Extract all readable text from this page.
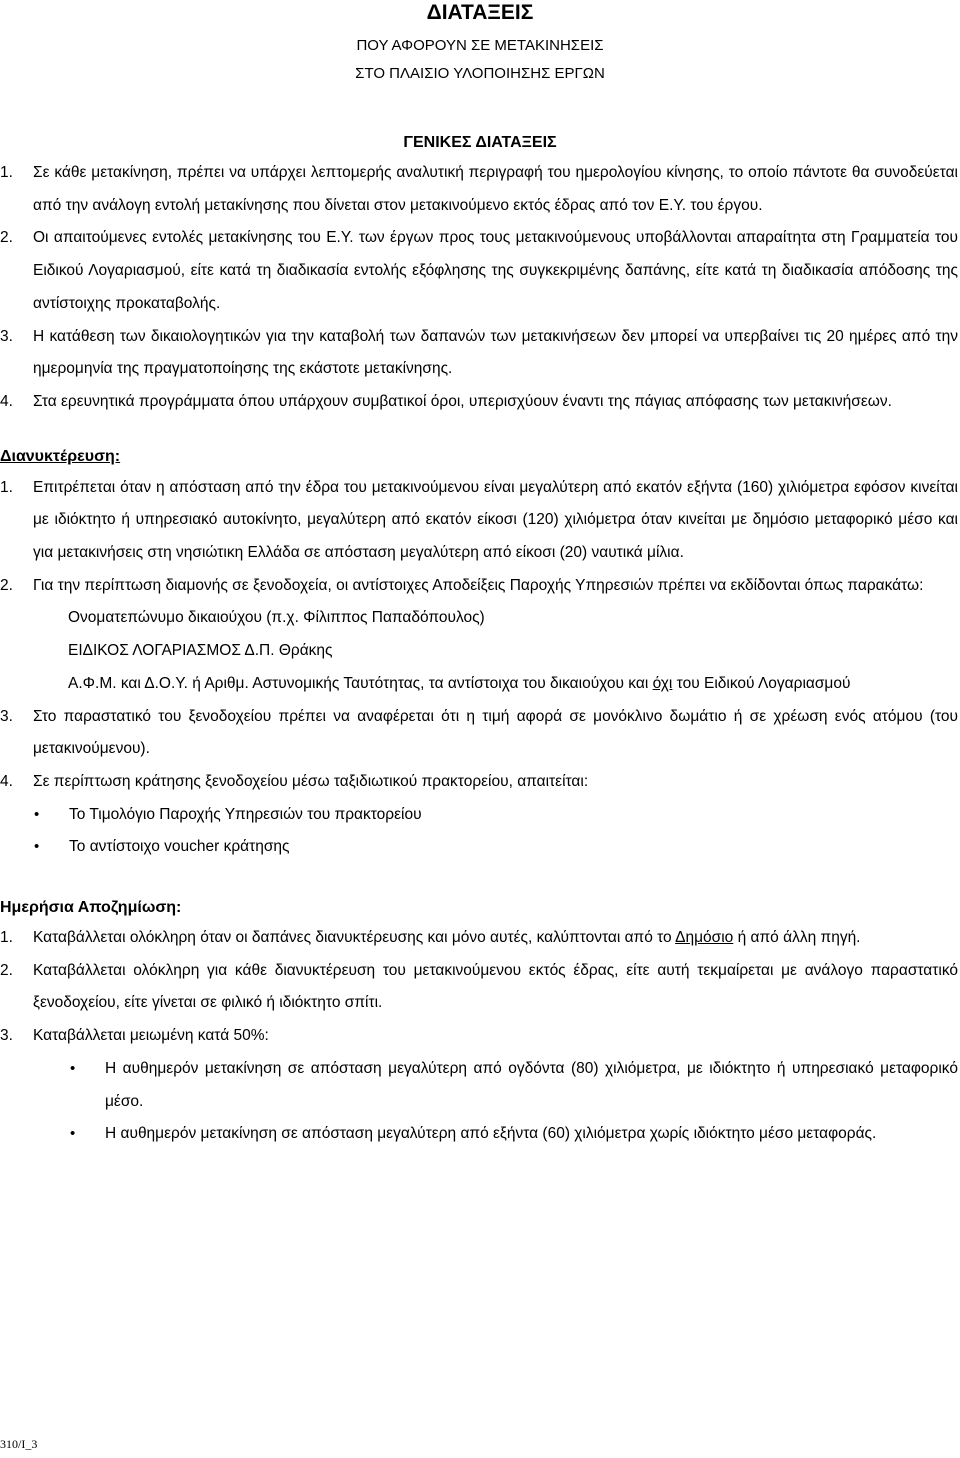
ΔΙΑΤΑΞΕΙΣ

ΠΟΥ ΑΦΟΡΟΥΝ ΣΕ ΜΕΤΑΚΙΝΗΣΕΙΣ

ΣΤΟ ΠΛΑΙΣΙΟ ΥΛΟΠΟΙΗΣΗΣ ΕΡΓΩΝ

ΓΕΝΙΚΕΣ ΔΙΑΤΑΞΕΙΣ

1. Σε κάθε μετακίνηση, πρέπει να υπάρχει λεπτομερής αναλυτική περιγραφή του ημερολογίου κίνησης, το οποίο πάντοτε θα συνοδεύεται από την ανάλογη εντολή μετακίνησης που δίνεται στον μετακινούμενο εκτός έδρας από τον Ε.Υ. του έργου.

2. Οι απαιτούμενες εντολές μετακίνησης του Ε.Υ. των έργων προς τους μετακινούμενους υποβάλλονται απαραίτητα στη Γραμματεία του Ειδικού Λογαριασμού, είτε κατά τη διαδικασία εντολής εξόφλησης της συγκεκριμένης δαπάνης, είτε κατά τη διαδικασία απόδοσης της αντίστοιχης προκαταβολής.

3. Η κατάθεση των δικαιολογητικών για την καταβολή των δαπανών των μετακινήσεων δεν μπορεί να υπερβαίνει τις 20 ημέρες από την ημερομηνία της πραγματοποίησης της εκάστοτε μετακίνησης.

4. Στα ερευνητικά προγράμματα όπου υπάρχουν συμβατικοί όροι, υπερισχύουν έναντι της πάγιας απόφασης των μετακινήσεων.

Διανυκτέρευση:

1. Επιτρέπεται όταν η απόσταση από την έδρα του μετακινούμενου είναι μεγαλύτερη από εκατόν εξήντα (160) χιλιόμετρα εφόσον κινείται με ιδιόκτητο ή υπηρεσιακό αυτοκίνητο, μεγαλύτερη από εκατόν είκοσι (120) χιλιόμετρα όταν κινείται με δημόσιο μεταφορικό μέσο και για μετακινήσεις στη νησιώτικη Ελλάδα σε απόσταση μεγαλύτερη από είκοσι (20) ναυτικά μίλια.

2. Για την περίπτωση διαμονής σε ξενοδοχεία, οι αντίστοιχες Αποδείξεις Παροχής Υπηρεσιών πρέπει να εκδίδονται όπως παρακάτω:

Ονοματεπώνυμο δικαιούχου (π.χ. Φίλιππος Παπαδόπουλος)

ΕΙΔΙΚΟΣ ΛΟΓΑΡΙΑΣΜΟΣ Δ.Π. Θράκης

Α.Φ.Μ. και Δ.Ο.Υ. ή Αριθμ. Αστυνομικής Ταυτότητας, τα αντίστοιχα του δικαιούχου και όχι του Ειδικού Λογαριασμού

3. Στο παραστατικό του ξενοδοχείου πρέπει να αναφέρεται ότι η τιμή αφορά σε μονόκλινο δωμάτιο ή σε χρέωση ενός ατόμου (του μετακινούμενου).

4. Σε περίπτωση κράτησης ξενοδοχείου μέσω ταξιδιωτικού πρακτορείου, απαιτείται:

• Το Τιμολόγιο Παροχής Υπηρεσιών του πρακτορείου
• Το αντίστοιχο voucher κράτησης

Ημερήσια Αποζημίωση:

1. Καταβάλλεται ολόκληρη όταν οι δαπάνες διανυκτέρευσης και μόνο αυτές, καλύπτονται από το Δημόσιο ή από άλλη πηγή.

2. Καταβάλλεται ολόκληρη για κάθε διανυκτέρευση του μετακινούμενου εκτός έδρας, είτε αυτή τεκμαίρεται με ανάλογο παραστατικό ξενοδοχείου, είτε γίνεται σε φιλικό ή ιδιόκτητο σπίτι.

3. Καταβάλλεται μειωμένη κατά 50%:

• Η αυθημερόν μετακίνηση σε απόσταση μεγαλύτερη από ογδόντα (80) χιλιόμετρα, με ιδιόκτητο ή υπηρεσιακό μεταφορικό μέσο.
• Η αυθημερόν μετακίνηση σε απόσταση μεγαλύτερη από εξήντα (60) χιλιόμετρα χωρίς ιδιόκτητο μέσο μεταφοράς.
310/Ι_3
